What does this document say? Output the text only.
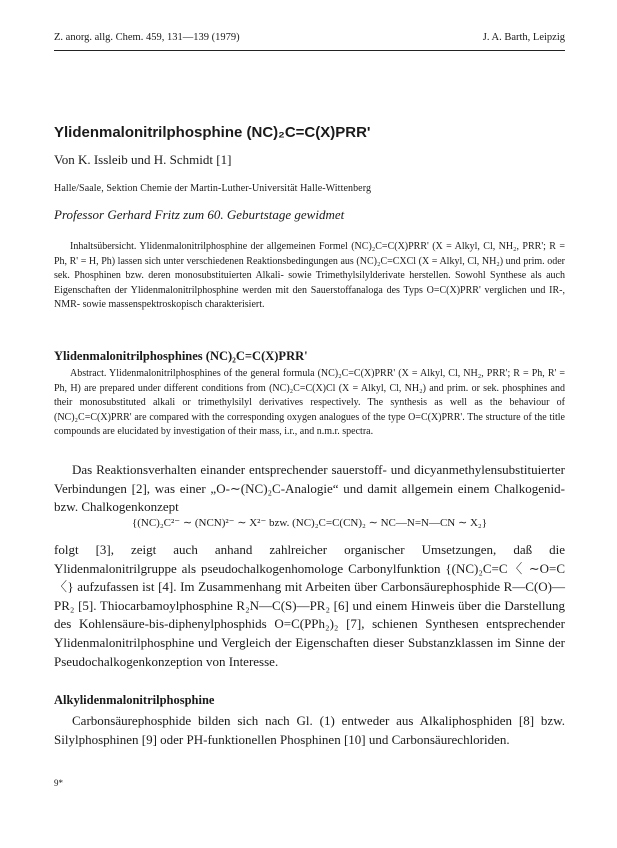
Z. anorg. allg. Chem. 459, 131—139 (1979)	J. A. Barth, Leipzig
Ylidenmalonitrilphosphine (NC)₂C=C(X)PRR'
Von K. Issleib und H. Schmidt [1]
Halle/Saale, Sektion Chemie der Martin-Luther-Universität Halle-Wittenberg
Professor Gerhard Fritz zum 60. Geburtstage gewidmet
Inhaltsübersicht. Ylidenmalonitrilphosphine der allgemeinen Formel (NC)₂C=C(X)PRR' (X = Alkyl, Cl, NH₂, PRR'; R = Ph, R' = H, Ph) lassen sich unter verschiedenen Reaktionsbedingungen aus (NC)₂C=CXCl (X = Alkyl, Cl, NH₂) und prim. oder sek. Phosphinen bzw. deren monosubstituierten Alkali- sowie Trimethylsilylderivate herstellen. Sowohl Synthese als auch Eigenschaften der Ylidenmalonitrilphosphine werden mit den Sauerstoffanaloga des Typs O=C(X)PRR' verglichen und IR-, NMR- sowie massenspektroskopisch charakterisiert.
Ylidenmalonitrilphosphines (NC)₂C=C(X)PRR'
Abstract. Ylidenmalonitrilphosphines of the general formula (NC)₂C=C(X)PRR' (X = Alkyl, Cl, NH₂, PRR'; R = Ph, R' = Ph, H) are prepared under different conditions from (NC)₂C=C(X)Cl (X = Alkyl, Cl, NH₂) and prim. or sek. phosphines and their monosubstituted alkali or trimethylsilyl derivatives respectively. The synthesis as well as the behaviour of (NC)₂C=C(X)PRR' are compared with the corresponding oxygen analogues of the type O=C(X)PRR'. The structure of the title compounds are elucidated by investigation of their mass, i.r., and n.m.r. spectra.
Das Reaktionsverhalten einander entsprechender sauerstoff- und dicyanmethylensubstituierter Verbindungen [2], was einer „O-∼(NC)₂C-Analogie“ und damit allgemein einem Chalkogenid- bzw. Chalkogenkonzept
{(NC)₂C²⁻ ∼ (NCN)²⁻ ∼ X²⁻ bzw. (NC)₂C=C(CN)₂ ∼ NC—N=N—CN ∼ X₂}
folgt [3], zeigt auch anhand zahlreicher organischer Umsetzungen, daß die Ylidenmalonitrilgruppe als pseudochalkogenhomologe Carbonylfunktion {(NC)₂C=C〈 ∼O=C〈} aufzufassen ist [4]. Im Zusammenhang mit Arbeiten über Carbonsäurephosphide R—C(O)—PR₂ [5]. Thiocarbamoylphosphine R₂N—C(S)—PR₂ [6] und einem Hinweis über die Darstellung des Kohlensäure-bis-diphenylphosphids O=C(PPh₂)₂ [7], schienen Synthesen entsprechender Ylidenmalonitrilphosphine und Vergleich der Eigenschaften dieser Substanzklassen im Sinne der Pseudochalkogenkonzeption von Interesse.
Alkylidenmalonitrilphosphine
Carbonsäurephosphide bilden sich nach Gl. (1) entweder aus Alkaliphosphiden [8] bzw. Silylphosphinen [9] oder PH-funktionellen Phosphinen [10] und Carbonsäurechloriden.
9*
